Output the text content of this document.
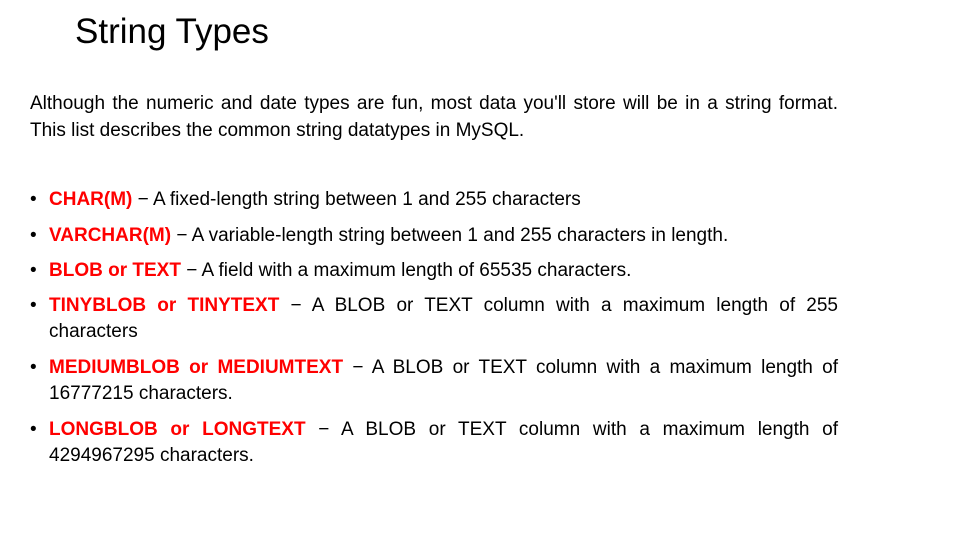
String Types

Although the numeric and date types are fun, most data you'll store will be in a string format. This list describes the common string datatypes in MySQL.

• CHAR(M) − A fixed-length string between 1 and 255 characters
• VARCHAR(M) − A variable-length string between 1 and 255 characters in length.
• BLOB or TEXT − A field with a maximum length of 65535 characters.
• TINYBLOB or TINYTEXT − A BLOB or TEXT column with a maximum length of 255 characters
• MEDIUMBLOB or MEDIUMTEXT − A BLOB or TEXT column with a maximum length of 16777215 characters.
• LONGBLOB or LONGTEXT − A BLOB or TEXT column with a maximum length of 4294967295 characters.
